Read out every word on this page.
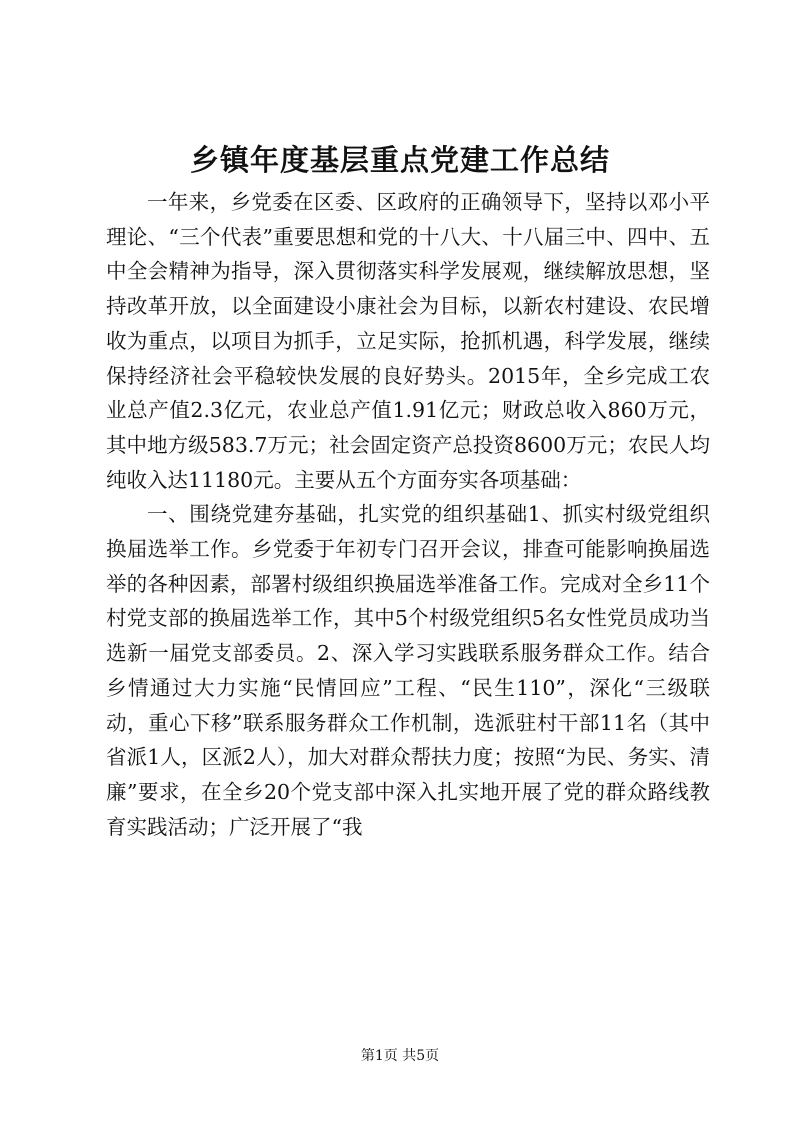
乡镇年度基层重点党建工作总结

一年来，乡党委在区委、区政府的正确领导下，坚持以邓小平理论、“三个代表”重要思想和党的十八大、十八届三中、四中、五中全会精神为指导，深入贯彻落实科学发展观，继续解放思想，坚持改革开放，以全面建设小康社会为目标，以新农村建设、农民增收为重点，以项目为抓手，立足实际，抢抓机遇，科学发展，继续保持经济社会平稳较快发展的良好势头。2015年，全乡完成工农业总产值2.3亿元，农业总产值1.91亿元；财政总收入860万元，其中地方级583.7万元；社会固定资产总投资8600万元；农民人均纯收入达11180元。主要从五个方面夯实各项基础：

一、围绕党建夯基础，扎实党的组织基础1、抓实村级党组织换届选举工作。乡党委于年初专门召开会议，排查可能影响换届选举的各种因素，部署村级组织换届选举准备工作。完成对全乡11个村党支部的换届选举工作，其中5个村级党组织5名女性党员成功当选新一届党支部委员。2、深入学习实践联系服务群众工作。结合乡情通过大力实施“民情回应”工程、“民生110”，深化“三级联动，重心下移”联系服务群众工作机制，选派驻村干部11名（其中省派1人，区派2人），加大对群众帮扶力度；按照“为民、务实、清廉”要求，在全乡20个党支部中深入扎实地开展了党的群众路线教育实践活动；广泛开展了“我

第1页 共5页
